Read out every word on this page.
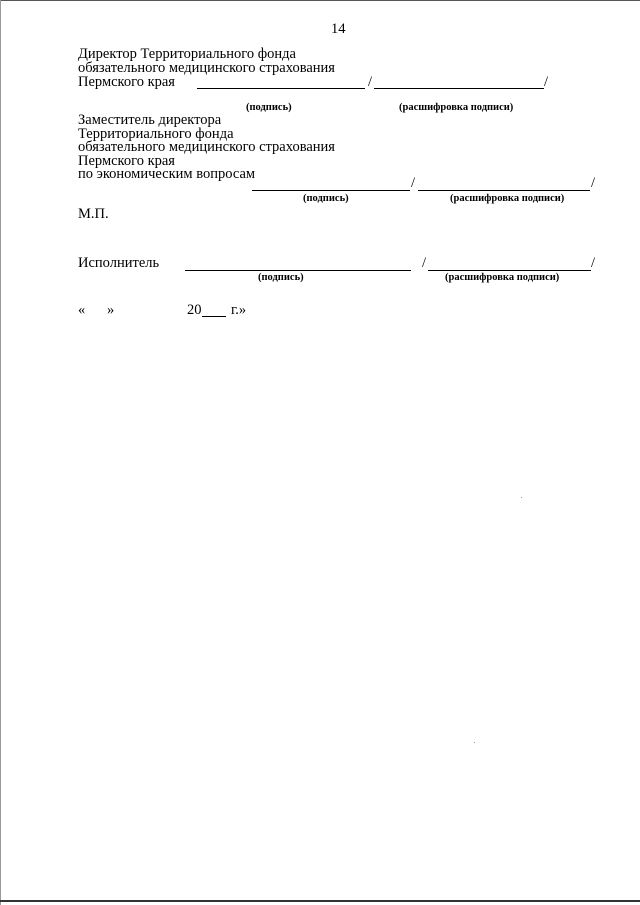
14
Директор Территориального фонда
обязательного медицинского страхования
Пермского края	/	/
(подпись)	(расшифровка подписи)
Заместитель директора
Территориального фонда
обязательного медицинского страхования
Пермского края
по экономическим вопросам
/	/
(подпись)	(расшифровка подписи)
М.П.
Исполнитель	/	/
(подпись)	(расшифровка подписи)
« »	20 г.»
